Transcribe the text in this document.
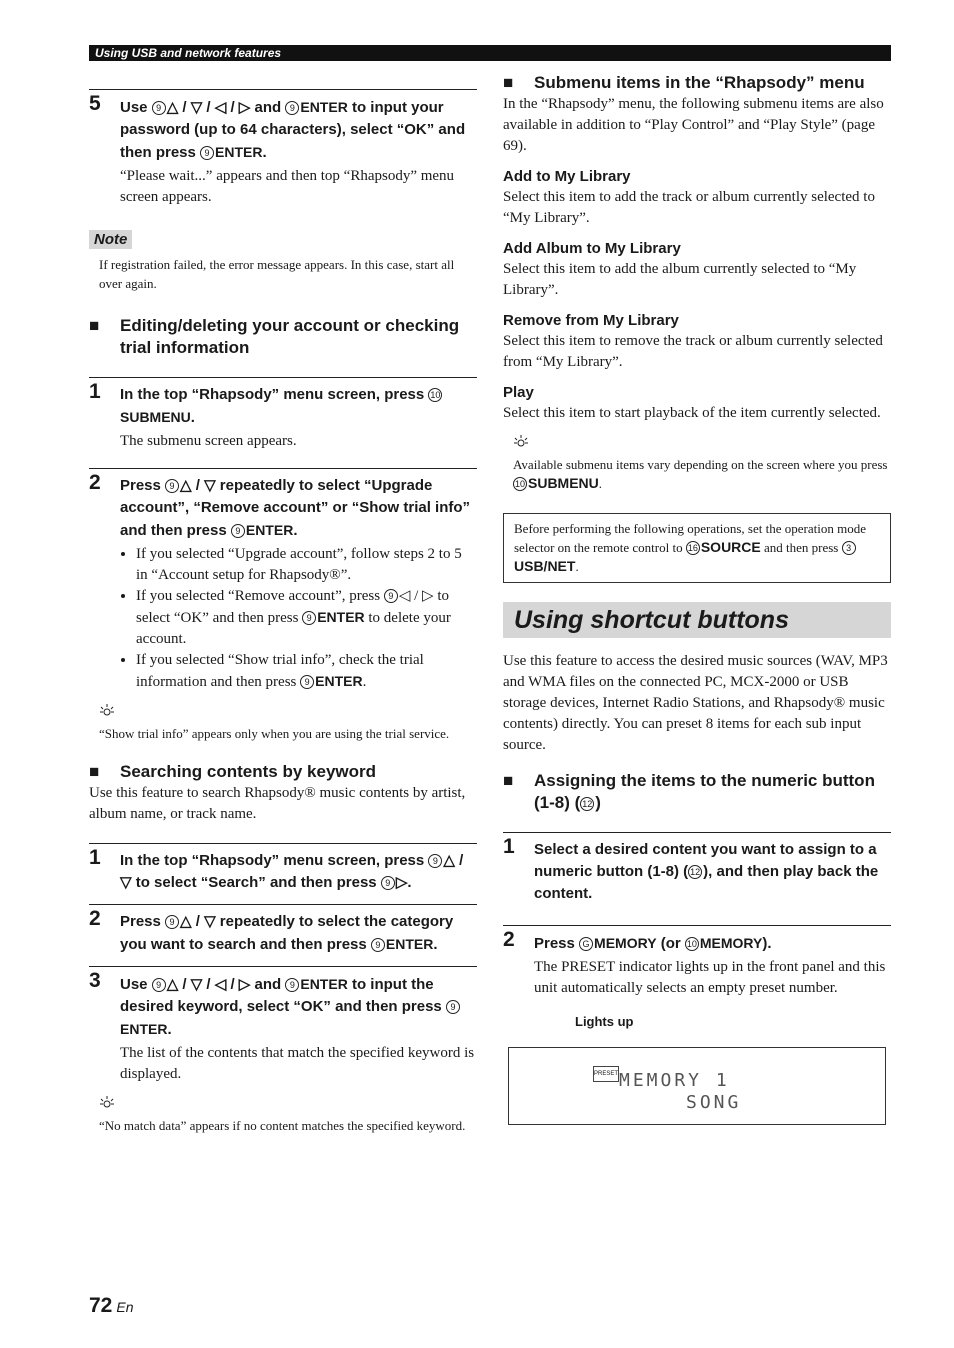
Using USB and network features
5 Use 9 △ / ▽ / ◁ / ▷ and 9 ENTER to input your password (up to 64 characters), select “OK” and then press 9 ENTER.
“Please wait...” appears and then top “Rhapsody” menu screen appears.
Note
If registration failed, the error message appears. In this case, start all over again.
■ Editing/deleting your account or checking trial information
1 In the top “Rhapsody” menu screen, press 10SUBMENU.
The submenu screen appears.
2 Press 9 △ / ▽ repeatedly to select “Upgrade account”, “Remove account” or “Show trial info” and then press 9 ENTER.
• If you selected “Upgrade account”, follow steps 2 to 5 in “Account setup for Rhapsody®”.
• If you selected “Remove account”, press 9 ◁ / ▷ to select “OK” and then press 9 ENTER to delete your account.
• If you selected “Show trial info”, check the trial information and then press 9 ENTER.
“Show trial info” appears only when you are using the trial service.
■ Searching contents by keyword

Use this feature to search Rhapsody® music contents by artist, album name, or track name.

1 In the top “Rhapsody” menu screen, press 9 △ / ▽ to select “Search” and then press 9 ▷.
2 Press 9 △ / ▽ repeatedly to select the category you want to search and then press 9 ENTER.
3 Use 9 △ / ▽ / ◁ / ▷ and 9 ENTER to input the desired keyword, select “OK” and then press 9ENTER.
The list of the contents that match the specified keyword is displayed.
“No match data” appears if no content matches the specified keyword.
■ Submenu items in the “Rhapsody” menu

In the “Rhapsody” menu, the following submenu items are also available in addition to “Play Control” and “Play Style” (page 69).

Add to My Library

Select this item to add the track or album currently selected to “My Library”.

Add Album to My Library

Select this item to add the album currently selected to “My Library”.

Remove from My Library

Select this item to remove the track or album currently selected from “My Library”.

Play

Select this item to start playback of the item currently selected.

Available submenu items vary depending on the screen where you press 10 SUBMENU.
Before performing the following operations, set the operation mode selector on the remote control to 16 SOURCE and then press 3USB/NET.
Using shortcut buttons

Use this feature to access the desired music sources (WAV, MP3 and WMA files on the connected PC, MCX-2000 or USB storage devices, Internet Radio Stations, and Rhapsody® music contents) directly. You can preset 8 items for each sub input source.

■ Assigning the items to the numeric button (1-8) ( 12 )
1 Select a desired content you want to assign to a numeric button (1-8) ( 12 ), and then play back the content.
2 Press G MEMORY (or 10 MEMORY).
The PRESET indicator lights up in the front panel and this unit automatically selects an empty preset number.
Lights up
PRESET MEMORY 1
SONG
72 En
